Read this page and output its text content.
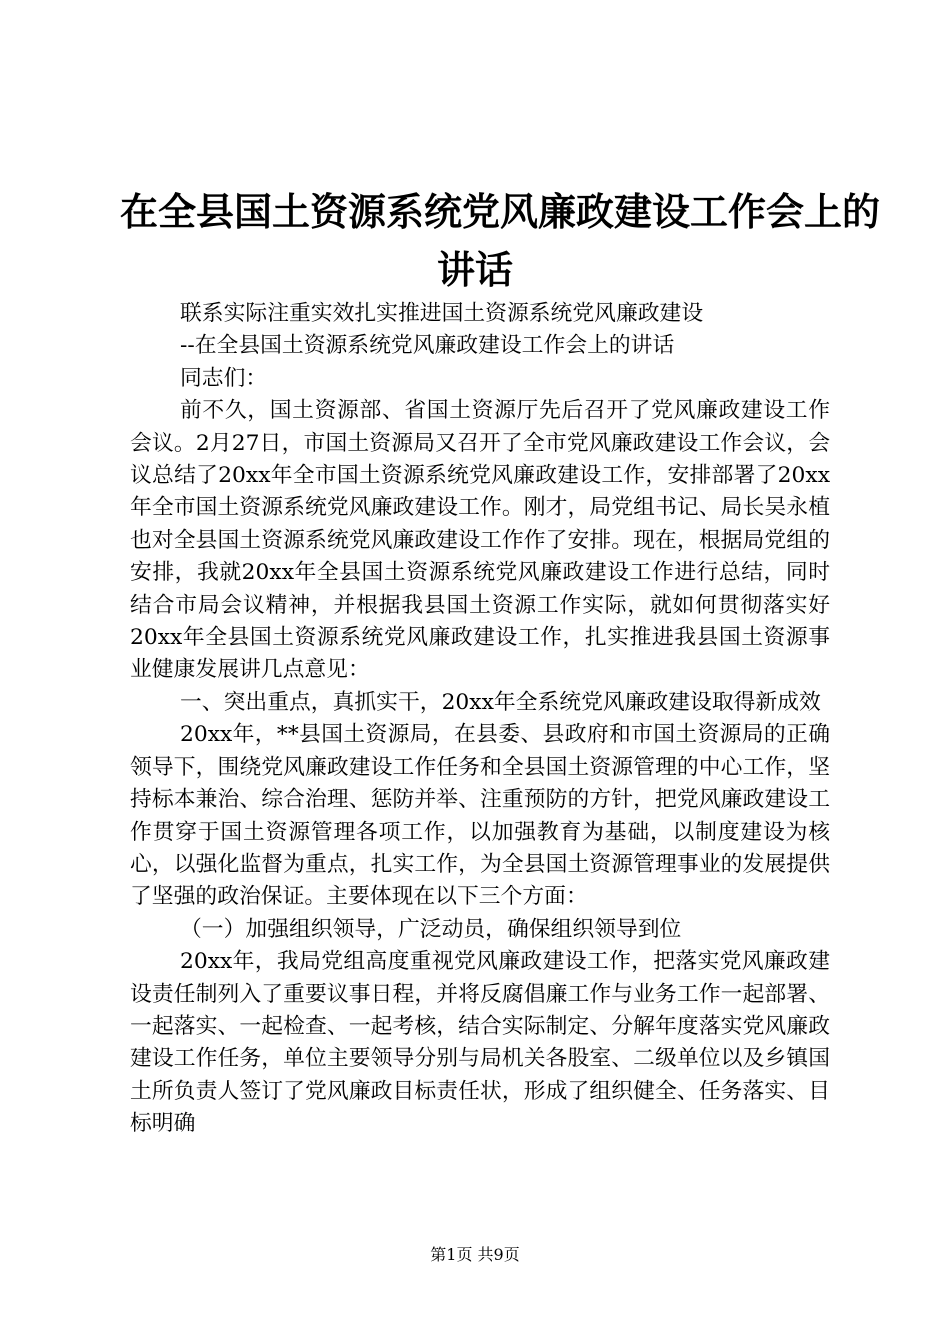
在全县国土资源系统党风廉政建设工作会上的
讲话

联系实际注重实效扎实推进国土资源系统党风廉政建设

--在全县国土资源系统党风廉政建设工作会上的讲话

同志们：

前不久，国土资源部、省国土资源厅先后召开了党风廉政建设工作会议。2月27日，市国土资源局又召开了全市党风廉政建设工作会议，会议总结了20xx年全市国土资源系统党风廉政建设工作，安排部署了20xx年全市国土资源系统党风廉政建设工作。刚才，局党组书记、局长吴永植也对全县国土资源系统党风廉政建设工作作了安排。现在，根据局党组的安排，我就20xx年全县国土资源系统党风廉政建设工作进行总结，同时结合市局会议精神，并根据我县国土资源工作实际，就如何贯彻落实好20xx年全县国土资源系统党风廉政建设工作，扎实推进我县国土资源事业健康发展讲几点意见：

一、突出重点，真抓实干，20xx年全系统党风廉政建设取得新成效

20xx年，**县国土资源局，在县委、县政府和市国土资源局的正确领导下，围绕党风廉政建设工作任务和全县国土资源管理的中心工作，坚持标本兼治、综合治理、惩防并举、注重预防的方针，把党风廉政建设工作贯穿于国土资源管理各项工作，以加强教育为基础，以制度建设为核心，以强化监督为重点，扎实工作，为全县国土资源管理事业的发展提供了坚强的政治保证。主要体现在以下三个方面：

（一）加强组织领导，广泛动员，确保组织领导到位

20xx年，我局党组高度重视党风廉政建设工作，把落实党风廉政建设责任制列入了重要议事日程，并将反腐倡廉工作与业务工作一起部署、一起落实、一起检查、一起考核，结合实际制定、分解年度落实党风廉政建设工作任务，单位主要领导分别与局机关各股室、二级单位以及乡镇国土所负责人签订了党风廉政目标责任状，形成了组织健全、任务落实、目标明确

第1页 共9页
